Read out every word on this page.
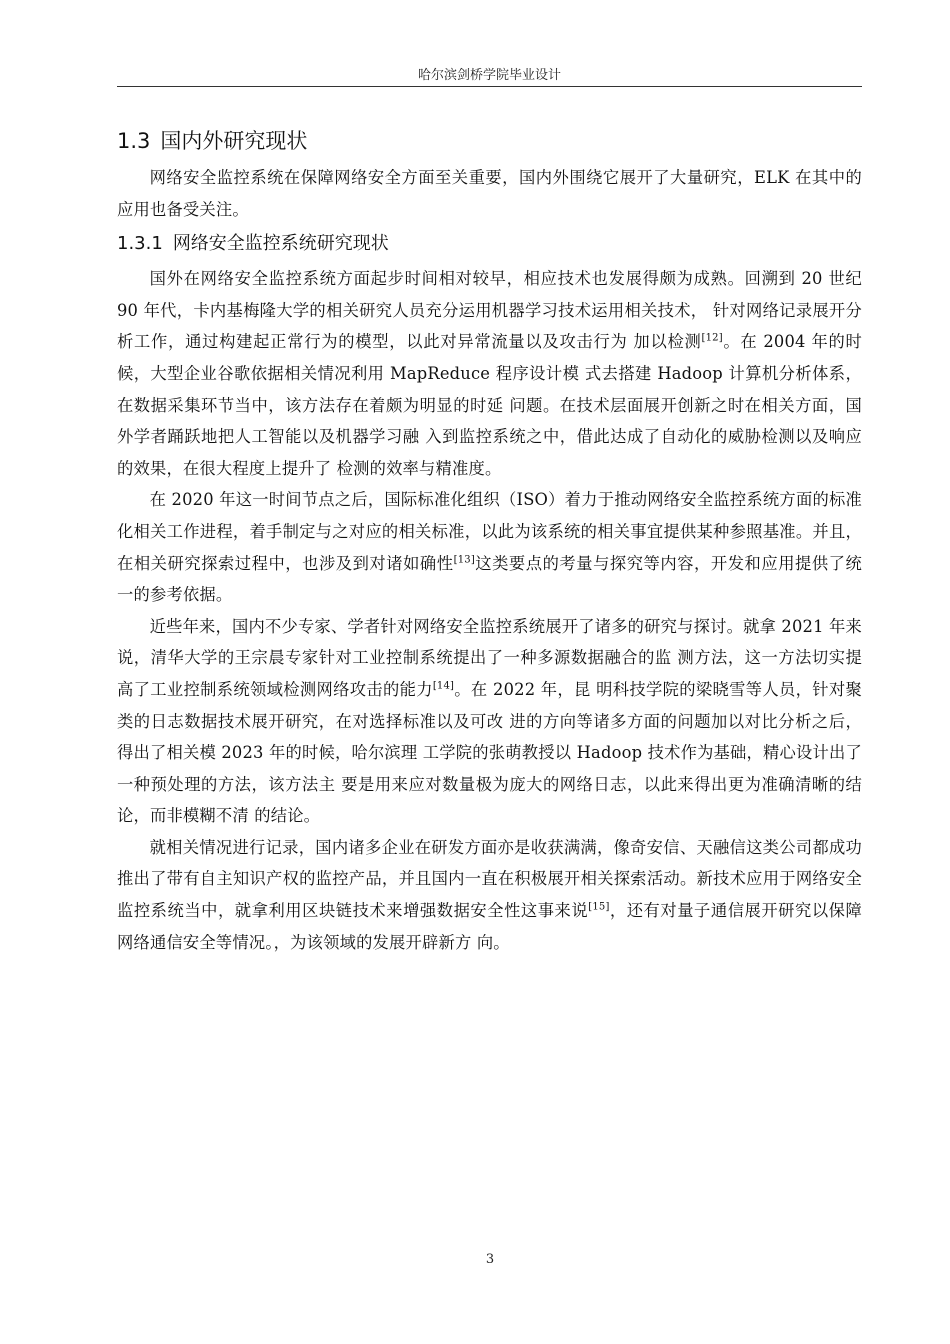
哈尔滨剑桥学院毕业设计
1.3 国内外研究现状

网络安全监控系统在保障网络安全方面至关重要，国内外围绕它展开了大量研究，ELK 在其中的应用也备受关注。

1.3.1 网络安全监控系统研究现状

国外在网络安全监控系统方面起步时间相对较早，相应技术也发展得颇为成熟。回溯到 20 世纪 90 年代，卡内基梅隆大学的相关研究人员充分运用机器学习技术运用相关技术， 针对网络记录展开分析工作，通过构建起正常行为的模型，以此对异常流量以及攻击行为 加以检测[12]。在 2004 年的时候，大型企业谷歌依据相关情况利用 MapReduce 程序设计模 式去搭建 Hadoop 计算机分析体系，在数据采集环节当中，该方法存在着颇为明显的时延 问题。在技术层面展开创新之时在相关方面，国外学者踊跃地把人工智能以及机器学习融 入到监控系统之中，借此达成了自动化的威胁检测以及响应的效果，在很大程度上提升了 检测的效率与精准度。

在 2020 年这一时间节点之后，国际标准化组织（ISO）着力于推动网络安全监控系统方面的标准化相关工作进程，着手制定与之对应的相关标准，以此为该系统的相关事宜提供某种参照基准。并且，在相关研究探索过程中，也涉及到对诸如确性[13]这类要点的考量与探究等内容，开发和应用提供了统一的参考依据。

近些年来，国内不少专家、学者针对网络安全监控系统展开了诸多的研究与探讨。就拿 2021 年来说，清华大学的王宗晨专家针对工业控制系统提出了一种多源数据融合的监 测方法，这一方法切实提高了工业控制系统领域检测网络攻击的能力[14]。在 2022 年，昆 明科技学院的梁晓雪等人员，针对聚类的日志数据技术展开研究，在对选择标准以及可改 进的方向等诸多方面的问题加以对比分析之后，得出了相关模 2023 年的时候，哈尔滨理 工学院的张萌教授以 Hadoop 技术作为基础，精心设计出了一种预处理的方法，该方法主 要是用来应对数量极为庞大的网络日志，以此来得出更为准确清晰的结论，而非模糊不清 的结论。

就相关情况进行记录，国内诸多企业在研发方面亦是收获满满，像奇安信、天融信这类公司都成功推出了带有自主知识产权的监控产品，并且国内一直在积极展开相关探索活动。新技术应用于网络安全监控系统当中，就拿利用区块链技术来增强数据安全性这事来说[15]，还有对量子通信展开研究以保障网络通信安全等情况。，为该领域的发展开辟新方 向。

3
